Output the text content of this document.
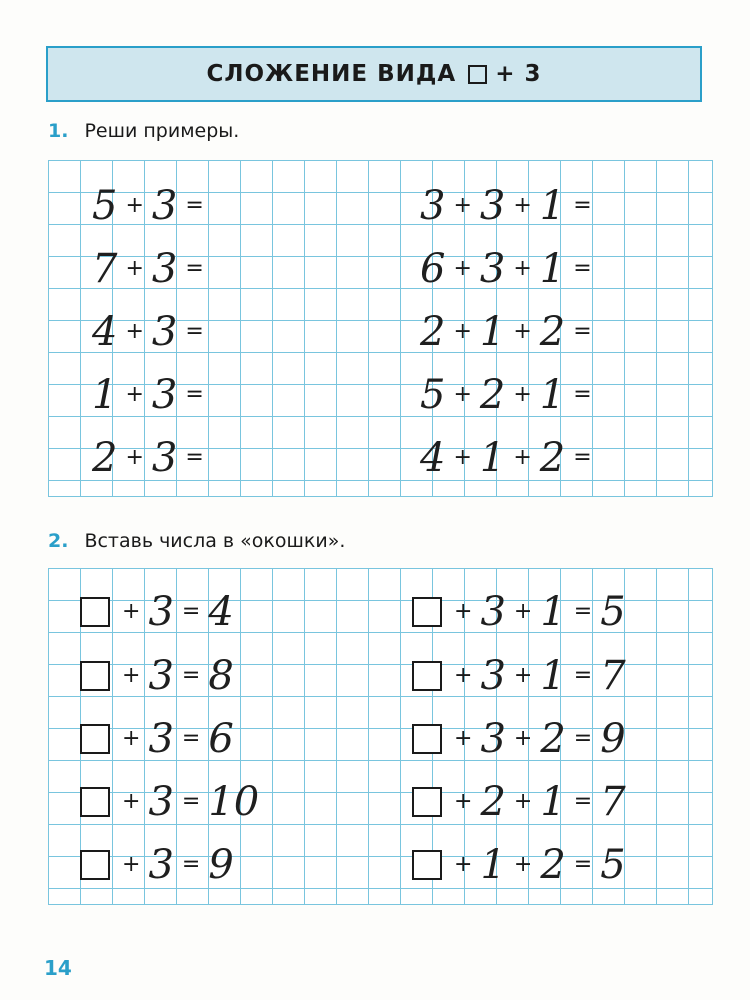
СЛОЖЕНИЕ ВИДА + 3
1. Реши примеры.
5 + 3 =
7 + 3 =
4 + 3 =
1 + 3 =
2 + 3 =
3 + 3 + 1 =
6 + 3 + 1 =
2 + 1 + 2 =
5 + 2 + 1 =
4 + 1 + 2 =
2. Вставь числа в «окошки».
+ 3 = 4
+ 3 = 8
+ 3 = 6
+ 3 = 10
+ 3 = 9
+ 3 + 1 = 5
+ 3 + 1 = 7
+ 3 + 2 = 9
+ 2 + 1 = 7
+ 1 + 2 = 5
14
